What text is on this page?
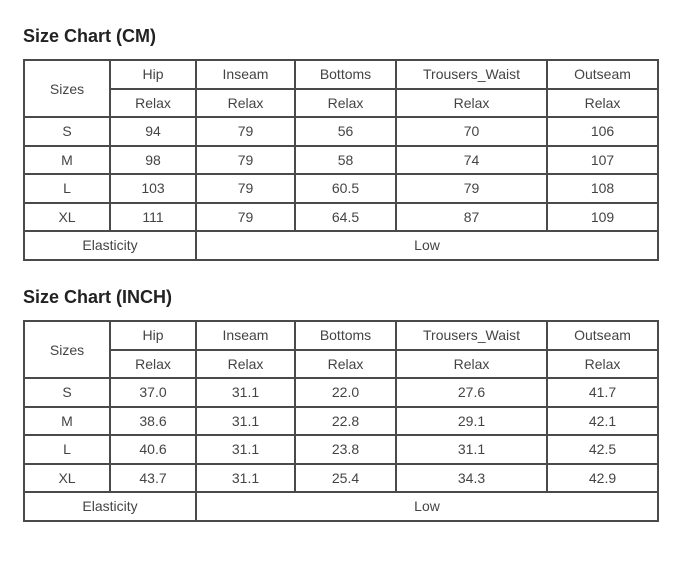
Size Chart (CM)
Sizes	Hip	Inseam	Bottoms	Trousers_Waist	Outseam
	Relax	Relax	Relax	Relax	Relax
S	94	79	56	70	106
M	98	79	58	74	107
L	103	79	60.5	79	108
XL	111	79	64.5	87	109
Elasticity		Low			
Size Chart (INCH)
Sizes	Hip	Inseam	Bottoms	Trousers_Waist	Outseam
	Relax	Relax	Relax	Relax	Relax
S	37.0	31.1	22.0	27.6	41.7
M	38.6	31.1	22.8	29.1	42.1
L	40.6	31.1	23.8	31.1	42.5
XL	43.7	31.1	25.4	34.3	42.9
Elasticity		Low			
